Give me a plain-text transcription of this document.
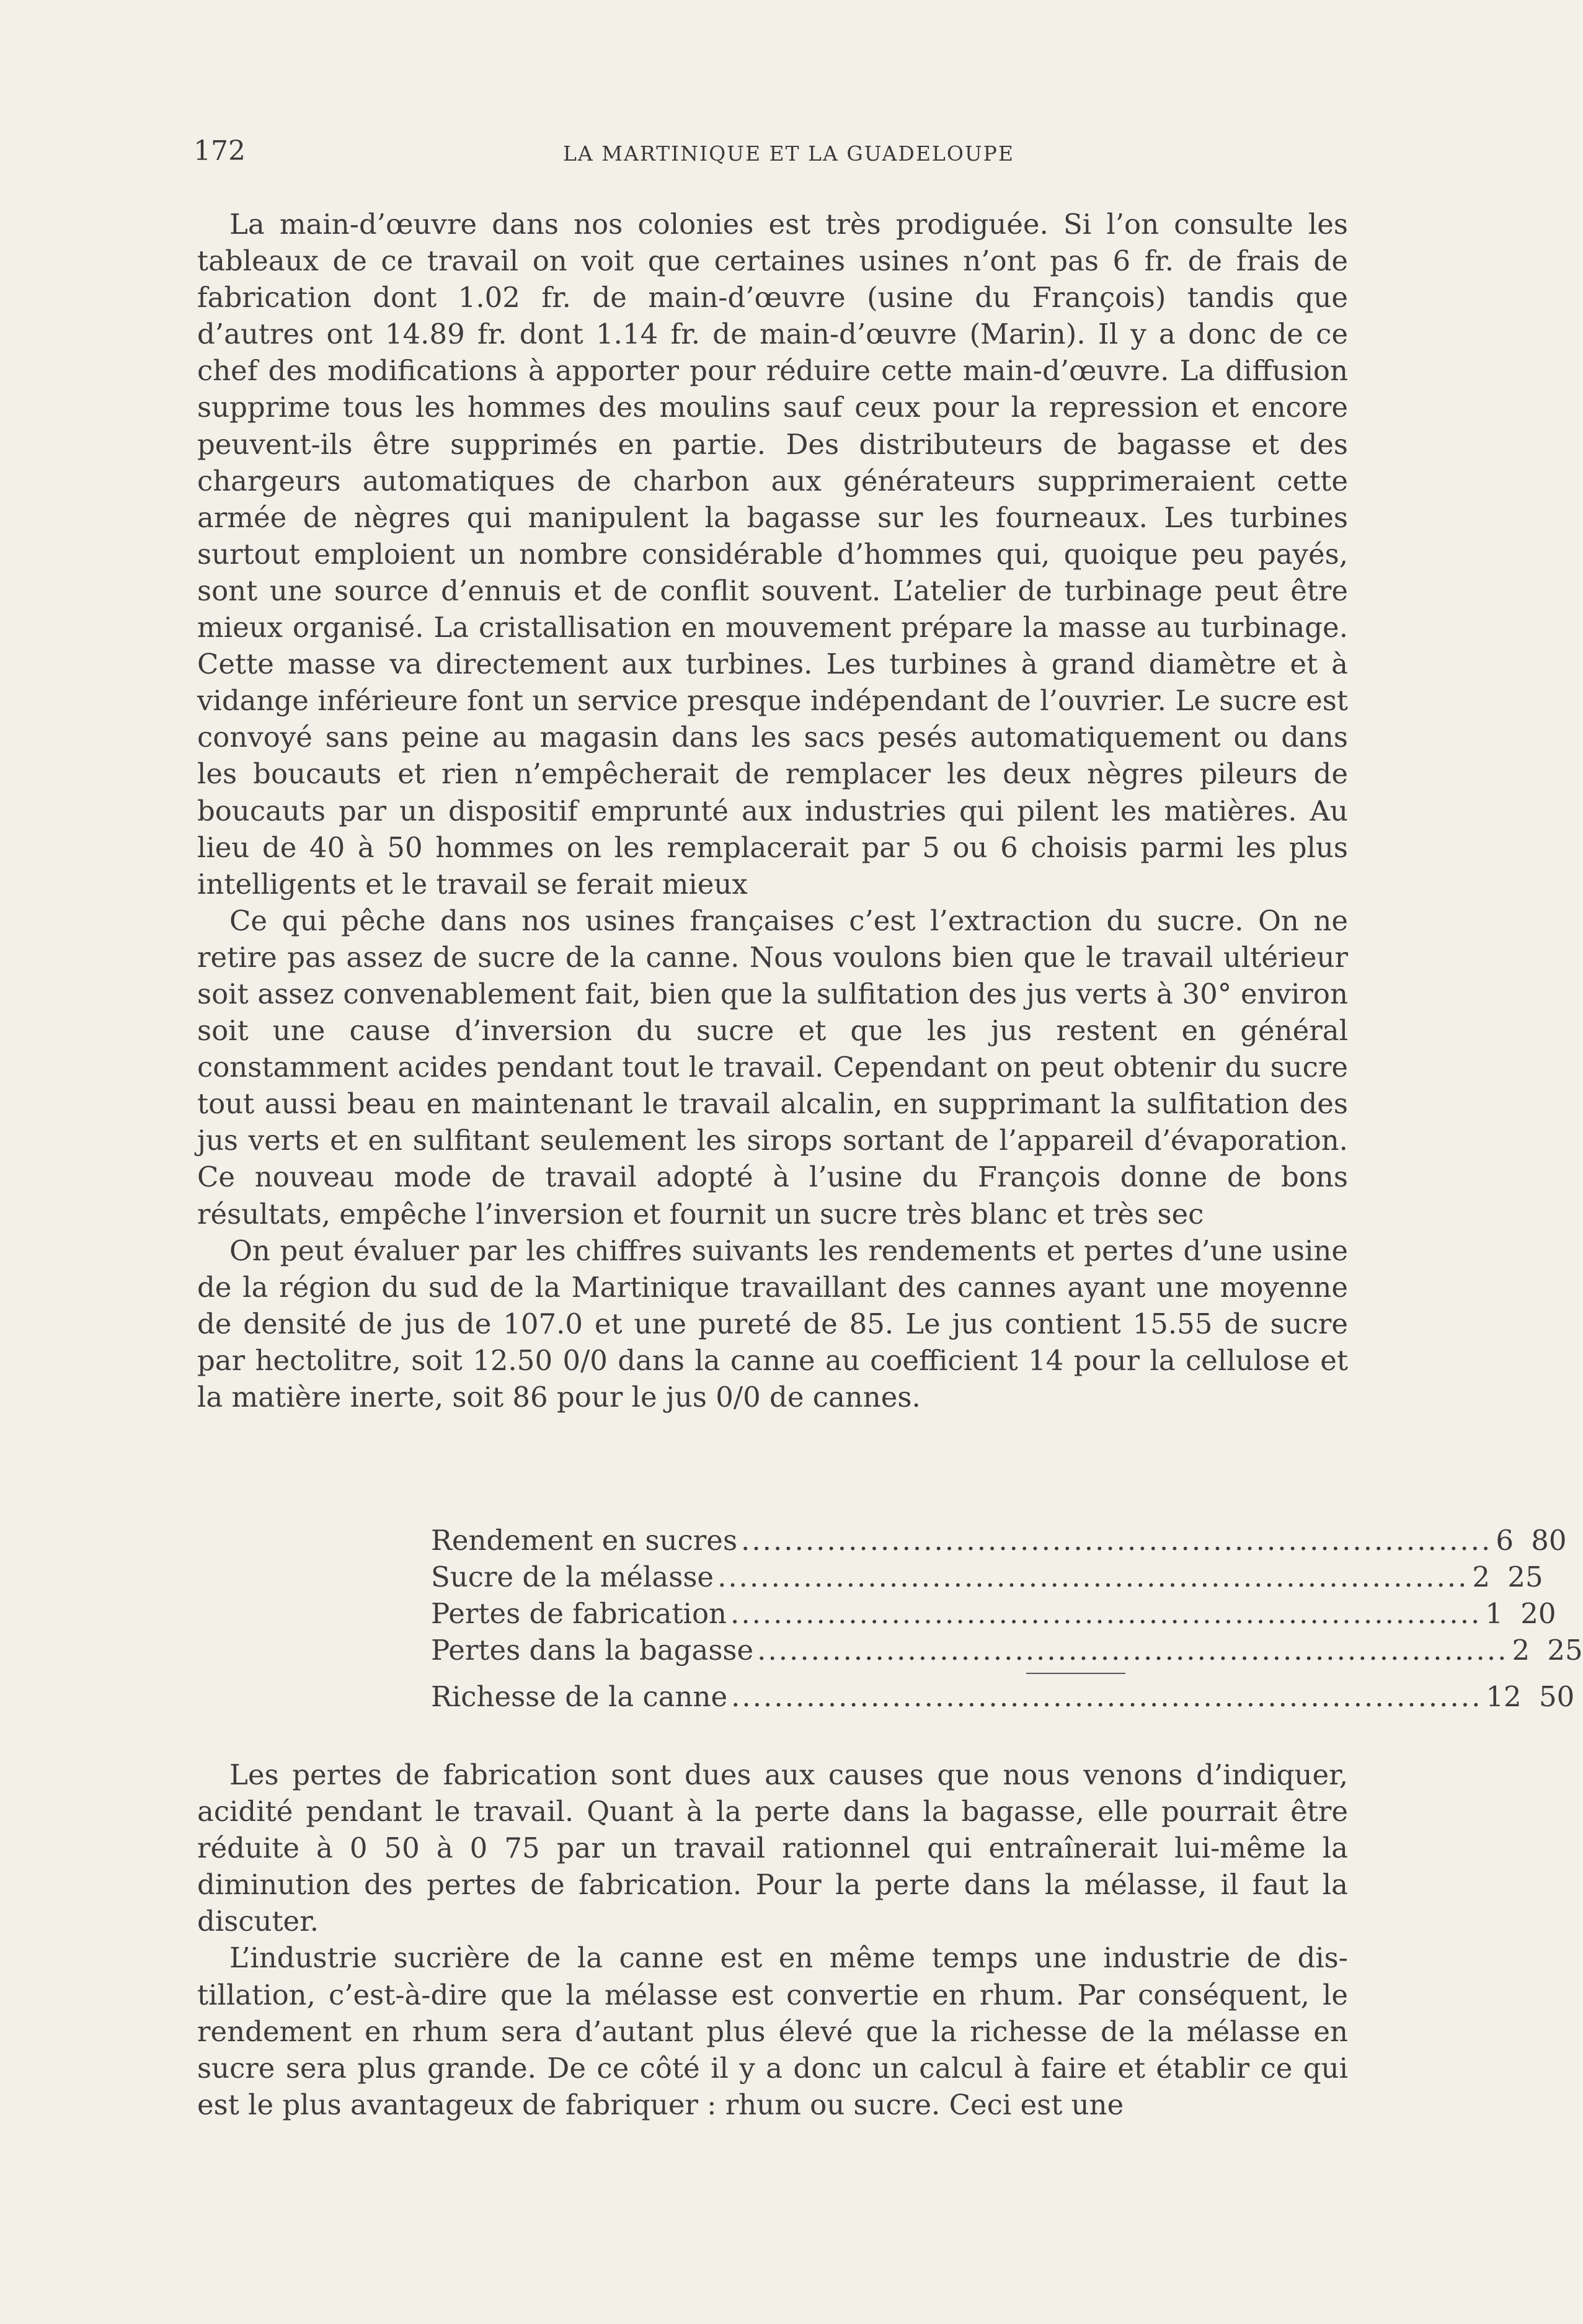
172	LA MARTINIQUE ET LA GUADELOUPE

La main-d’œuvre dans nos colonies est très prodiguée. Si l’on consulte les tableaux de ce travail on voit que certaines usines n’ont pas 6 fr. de frais de fabrication dont 1.02 fr. de main-d’œuvre (usine du François) tandis que d’autres ont 14.89 fr. dont 1.14 fr. de main-d’œuvre (Marin). Il y a donc de ce chef des modifications à apporter pour réduire cette main-d’œuvre. La diffusion supprime tous les hommes des moulins sauf ceux pour la repression et encore peuvent-ils être supprimés en partie. Des distributeurs de bagasse et des chargeurs automatiques de charbon aux générateurs supprimeraient cette armée de nègres qui manipulent la bagasse sur les fourneaux. Les turbines surtout emploient un nombre considérable d’hommes qui, quoique peu payés, sont une source d’ennuis et de conflit souvent. L’atelier de turbinage peut être mieux organisé. La cristallisation en mouvement prépare la masse au turbinage. Cette masse va directement aux turbines. Les turbines à grand diamètre et à vidange inférieure font un service presque indépendant de l’ouvrier. Le sucre est convoyé sans peine au magasin dans les sacs pesés automatiquement ou dans les boucauts et rien n’empêcherait de remplacer les deux nègres pileurs de boucauts par un dispositif emprunté aux industries qui pilent les matières. Au lieu de 40 à 50 hommes on les remplacerait par 5 ou 6 choisis parmi les plus intelligents et le travail se ferait mieux

Ce qui pêche dans nos usines françaises c’est l’extraction du sucre. On ne retire pas assez de sucre de la canne. Nous voulons bien que le travail ultérieur soit assez convenablement fait, bien que la sulfitation des jus verts à 30° environ soit une cause d’inversion du sucre et que les jus restent en général constamment acides pendant tout le travail. Cependant on peut obtenir du sucre tout aussi beau en maintenant le travail alcalin, en supprimant la sulfitation des jus verts et en sulfitant seulement les sirops sortant de l’appareil d’évaporation. Ce nouveau mode de travail adopté à l’usine du François donne de bons résultats, empêche l’inversion et fournit un sucre très blanc et très sec

On peut évaluer par les chiffres suivants les rendements et pertes d’une usine de la région du sud de la Martinique travaillant des cannes ayant une moyenne de densité de jus de 107.0 et une pureté de 85. Le jus contient 15.55 de sucre par hectolitre, soit 12.50 0/0 dans la canne au coefficient 14 pour la cellulose et la matière inerte, soit 86 pour le jus 0/0 de cannes.

Rendement en sucres ...................................................................... 6 80
Sucre de la mélasse ...................................................................... 2 25
Pertes de fabrication ...................................................................... 1 20
Pertes dans la bagasse ...................................................................... 2 25
Richesse de la canne ...................................................................... 12 50

Les pertes de fabrication sont dues aux causes que nous venons d’indiquer, acidité pendant le travail. Quant à la perte dans la bagasse, elle pourrait être réduite à 0 50 à 0 75 par un travail rationnel qui entraînerait lui-même la diminution des pertes de fabrication. Pour la perte dans la mélasse, il faut la discuter.

L’industrie sucrière de la canne est en même temps une industrie de distillation, c’est-à-dire que la mélasse est convertie en rhum. Par conséquent, le rendement en rhum sera d’autant plus élevé que la richesse de la mélasse en sucre sera plus grande. De ce côté il y a donc un calcul à faire et établir ce qui est le plus avantageux de fabriquer : rhum ou sucre. Ceci est une
